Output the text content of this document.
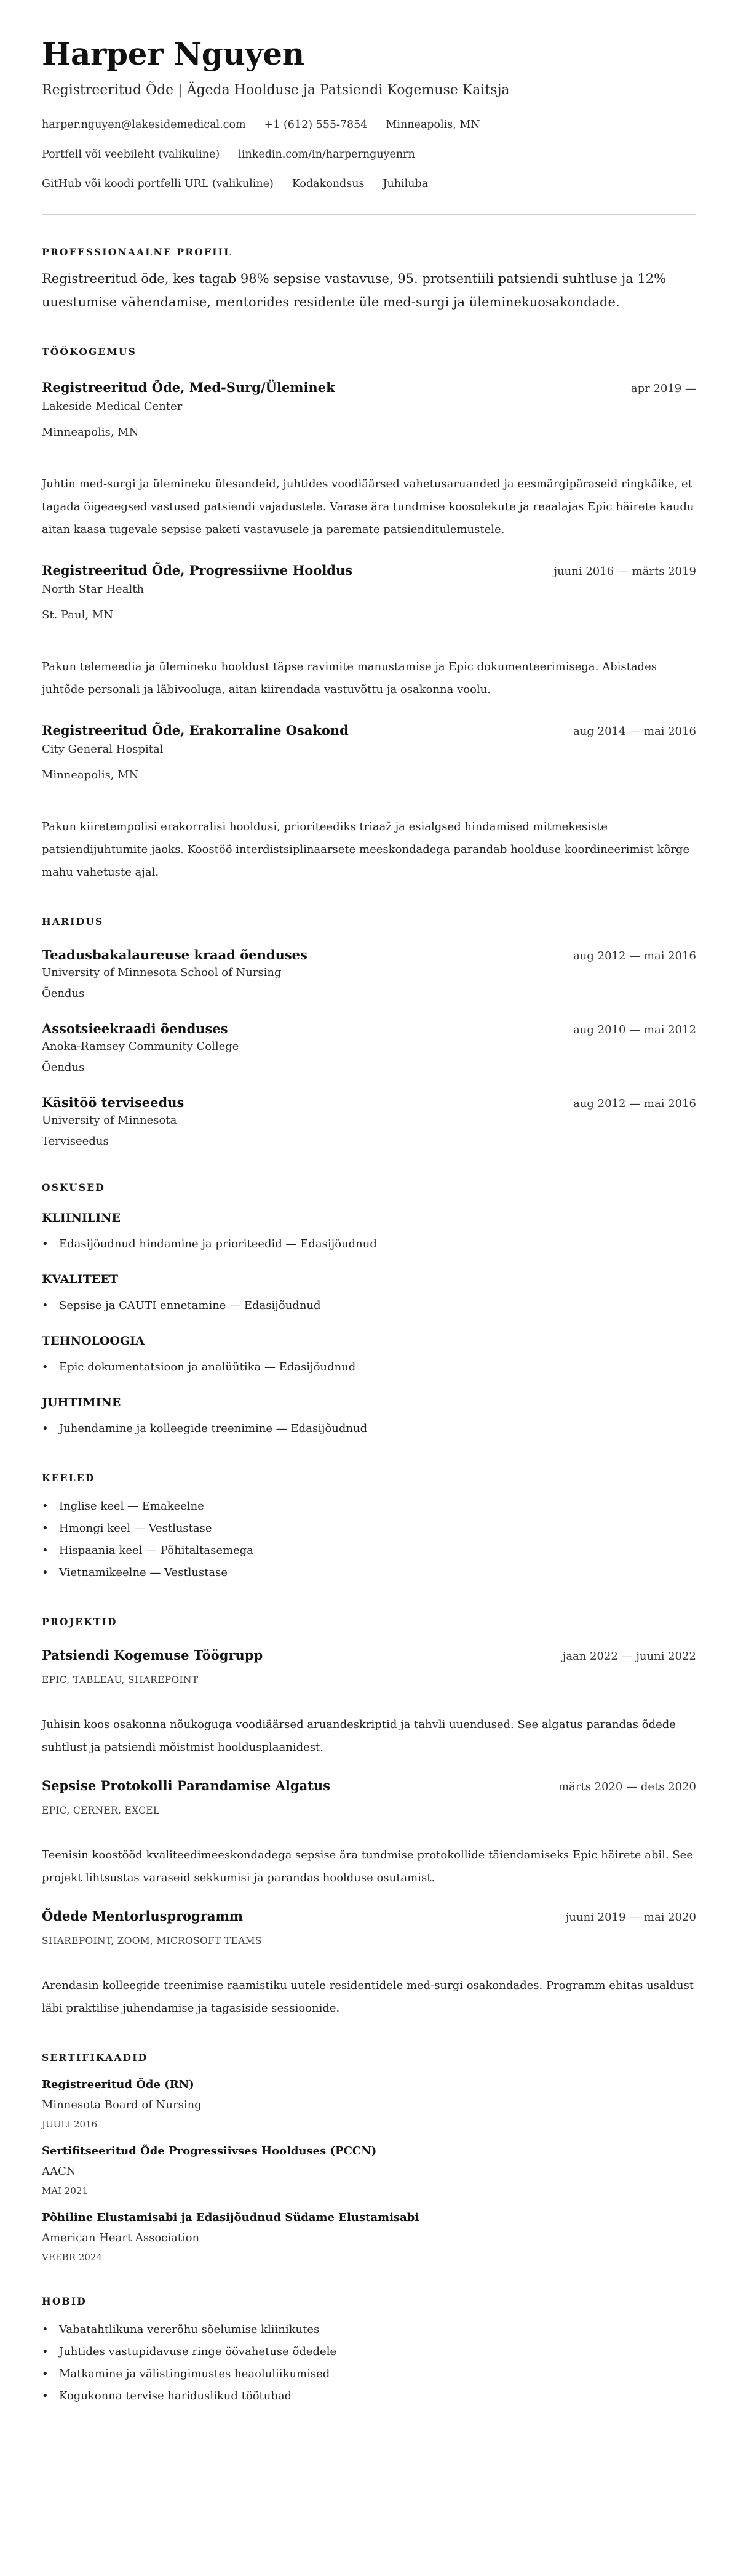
Harper Nguyen
Registreeritud Õde | Ägeda Hoolduse ja Patsiendi Kogemuse Kaitsja
harper.nguyen@lakesidemedical.com +1 (612) 555-7854 Minneapolis, MN
Portfell või veebileht (valikuline) linkedin.com/in/harpernguyenrn
GitHub või koodi portfelli URL (valikuline) Kodakondsus Juhiluba
PROFESSIONAALNE PROFIIL

Registreeritud õde, kes tagab 98% sepsise vastavuse, 95. protsentiili patsiendi suhtluse ja 12% uuestumise vähendamise, mentorides residente üle med-surgi ja üleminekuosakondade.

TÖÖKOGEMUS
Registreeritud Õde, Med-Surg/Üleminek	apr 2019 —
Lakeside Medical Center
Minneapolis, MN

Juhtin med-surgi ja ülemineku ülesandeid, juhtides voodiäärsed vahetusaruanded ja eesmärgipäraseid ringkäike, et tagada õigeaegsed vastused patsiendi vajadustele. Varase ära tundmise koosolekute ja reaalajas Epic häirete kaudu aitan kaasa tugevale sepsise paketi vastavusele ja paremate patsienditulemustele.

Registreeritud Õde, Progressiivne Hooldus	juuni 2016 — märts 2019
North Star Health
St. Paul, MN

Pakun telemeedia ja ülemineku hooldust täpse ravimite manustamise ja Epic dokumenteerimisega. Abistades juhtõde personali ja läbivooluga, aitan kiirendada vastuvõttu ja osakonna voolu.

Registreeritud Õde, Erakorraline Osakond	aug 2014 — mai 2016
City General Hospital
Minneapolis, MN

Pakun kiiretempolisi erakorralisi hooldusi, prioriteediks triaaž ja esialgsed hindamised mitmekesiste patsiendijuhtumite jaoks. Koostöö interdistsiplinaarsete meeskondadega parandab hoolduse koordineerimist kõrge mahu vahetuste ajal.

HARIDUS
Teadusbakalaureuse kraad õenduses	aug 2012 — mai 2016
University of Minnesota School of Nursing
Õendus
Assotsieekraadi õenduses	aug 2010 — mai 2012
Anoka-Ramsey Community College
Õendus
Käsitöö terviseedus	aug 2012 — mai 2016
University of Minnesota
Terviseedus
OSKUSED
KLIINILINE
• Edasijõudnud hindamine ja prioriteedid — Edasijõudnud
KVALITEET
• Sepsise ja CAUTI ennetamine — Edasijõudnud
TEHNOLOOGIA
• Epic dokumentatsioon ja analüütika — Edasijõudnud
JUHTIMINE
• Juhendamine ja kolleegide treenimine — Edasijõudnud
KEELED
• Inglise keel — Emakeelne
• Hmongi keel — Vestlustase
• Hispaania keel — Põhitaltasemega
• Vietnamikeelne — Vestlustase
PROJEKTID
Patsiendi Kogemuse Töögrupp	jaan 2022 — juuni 2022
EPIC, TABLEAU, SHAREPOINT

Juhisin koos osakonna nõukoguga voodiäärsed aruandeskriptid ja tahvli uuendused. See algatus parandas õdede suhtlust ja patsiendi mõistmist hooldusplaanidest.

Sepsise Protokolli Parandamise Algatus	märts 2020 — dets 2020
EPIC, CERNER, EXCEL

Teenisin koostööd kvaliteedimeeskondadega sepsise ära tundmise protokollide täiendamiseks Epic häirete abil. See projekt lihtsustas varaseid sekkumisi ja parandas hoolduse osutamist.

Õdede Mentorlusprogramm	juuni 2019 — mai 2020
SHAREPOINT, ZOOM, MICROSOFT TEAMS

Arendasin kolleegide treenimise raamistiku uutele residentidele med-surgi osakondades. Programm ehitas usaldust läbi praktilise juhendamise ja tagasiside sessioonide.

SERTIFIKAADID
Registreeritud Õde (RN)
Minnesota Board of Nursing
JUULI 2016
Sertifitseeritud Õde Progressiivses Hoolduses (PCCN)
AACN
MAI 2021
Põhiline Elustamisabi ja Edasijõudnud Südame Elustamisabi
American Heart Association
VEEBR 2024
HOBID
• Vabatahtlikuna vererõhu sõelumise kliinikutes
• Juhtides vastupidavuse ringe öövahetuse õdedele
• Matkamine ja välistingimustes heaoluliikumised
• Kogukonna tervise hariduslikud töötubad
